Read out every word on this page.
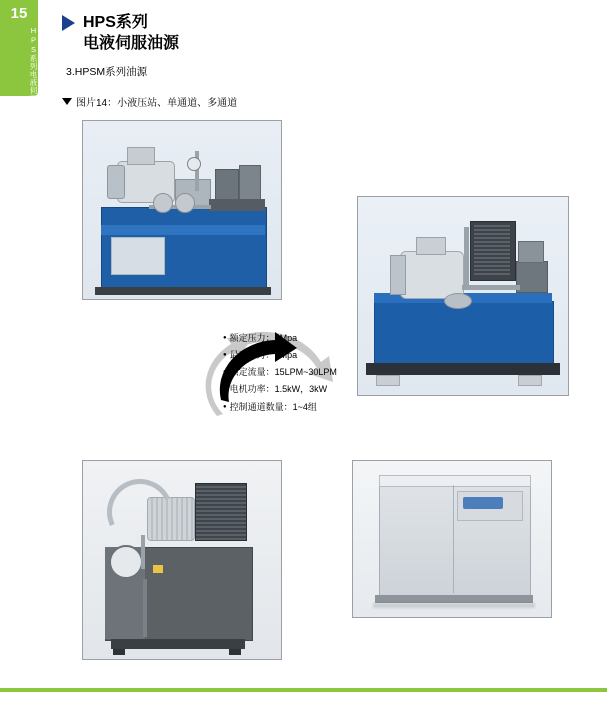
15
HPS系列电液伺
服油源
HPS系列
电液伺服油源
3.HPSM系列油源
图片14：小液压站、单通道、多通道
● 额定压力：5Mpa
● 最高压力：7Mpa
● 额定流量：15LPM~30LPM
● 电机功率：1.5kW，3kW
● 控制通道数量：1~4组
